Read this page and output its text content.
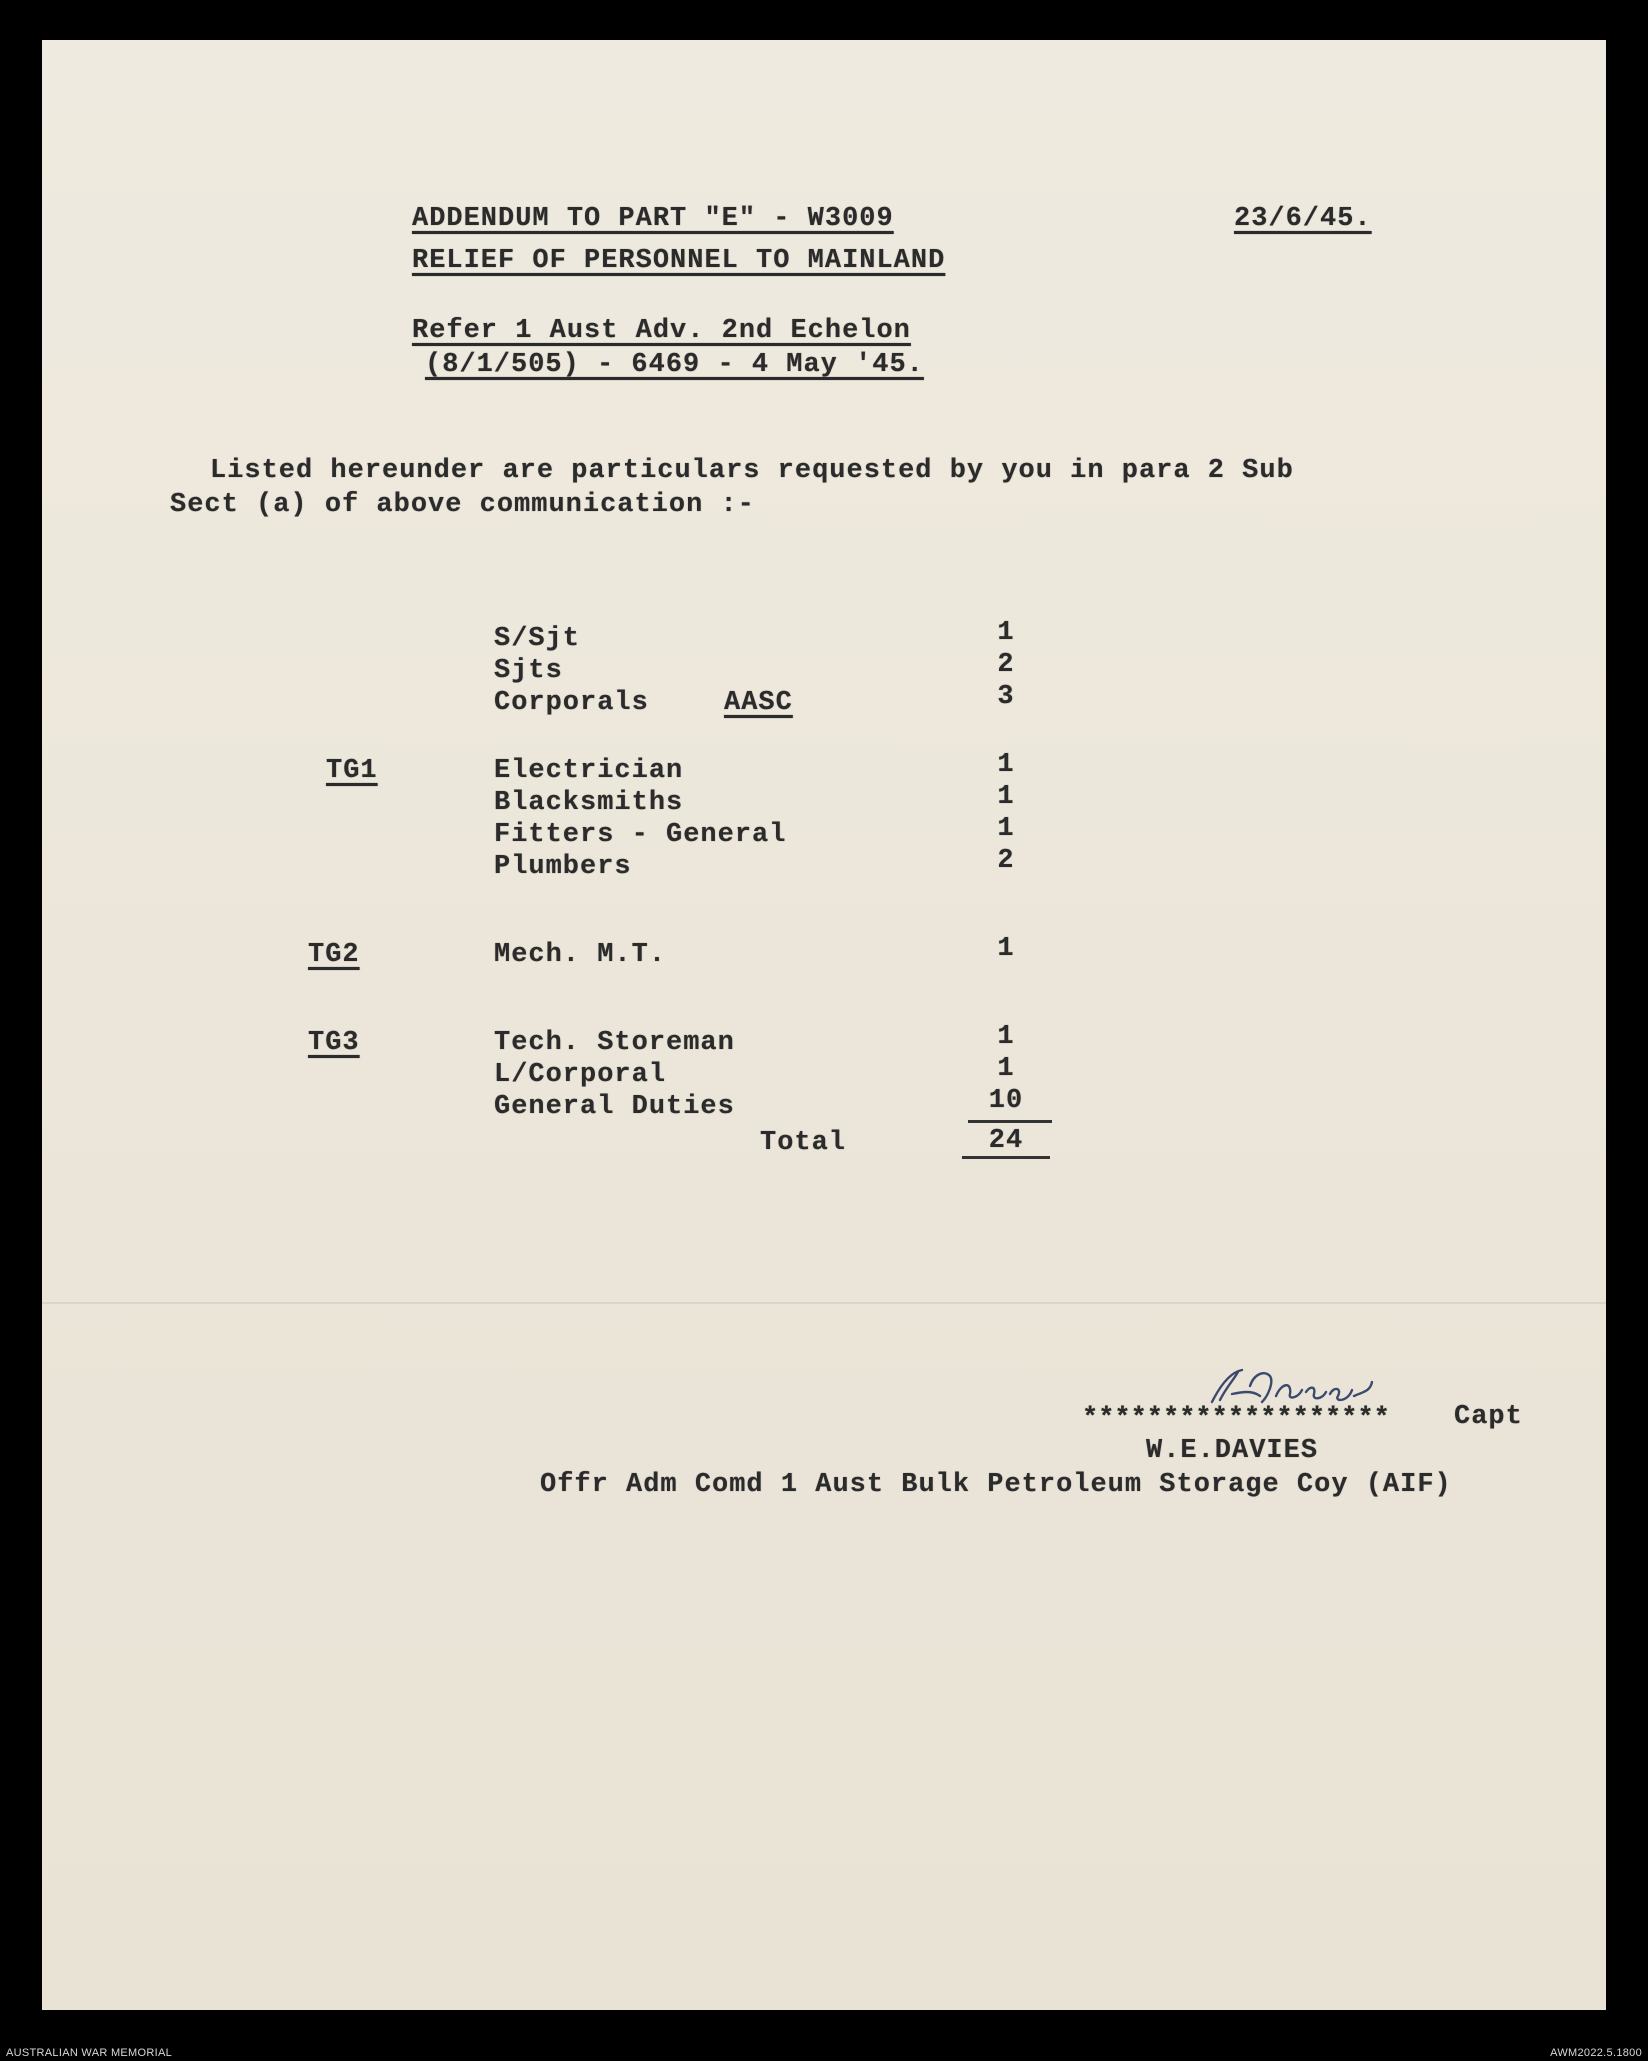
ADDENDUM TO PART "E" - W3009
RELIEF OF PERSONNEL TO MAINLAND
Refer 1 Aust Adv. 2nd Echelon
(8/1/505) - 6469 - 4 May '45.
23/6/45.
Listed hereunder are particulars requested by you in para 2 Sub
Sect (a) of above communication :-
S/Sjt	1
Sjts	2
Corporals	AASC	3
TG1	Electrician	1
Blacksmiths	1
Fitters - General	1
Plumbers	2
TG2	Mech. M.T.	1
TG3	Tech. Storeman	1
L/Corporal	1
General Duties	10
Total	24
******************* Capt
W.E.DAVIES
Offr Adm Comd 1 Aust Bulk Petroleum Storage Coy (AIF)
AUSTRALIAN WAR MEMORIAL	AWM2022.5.1800
